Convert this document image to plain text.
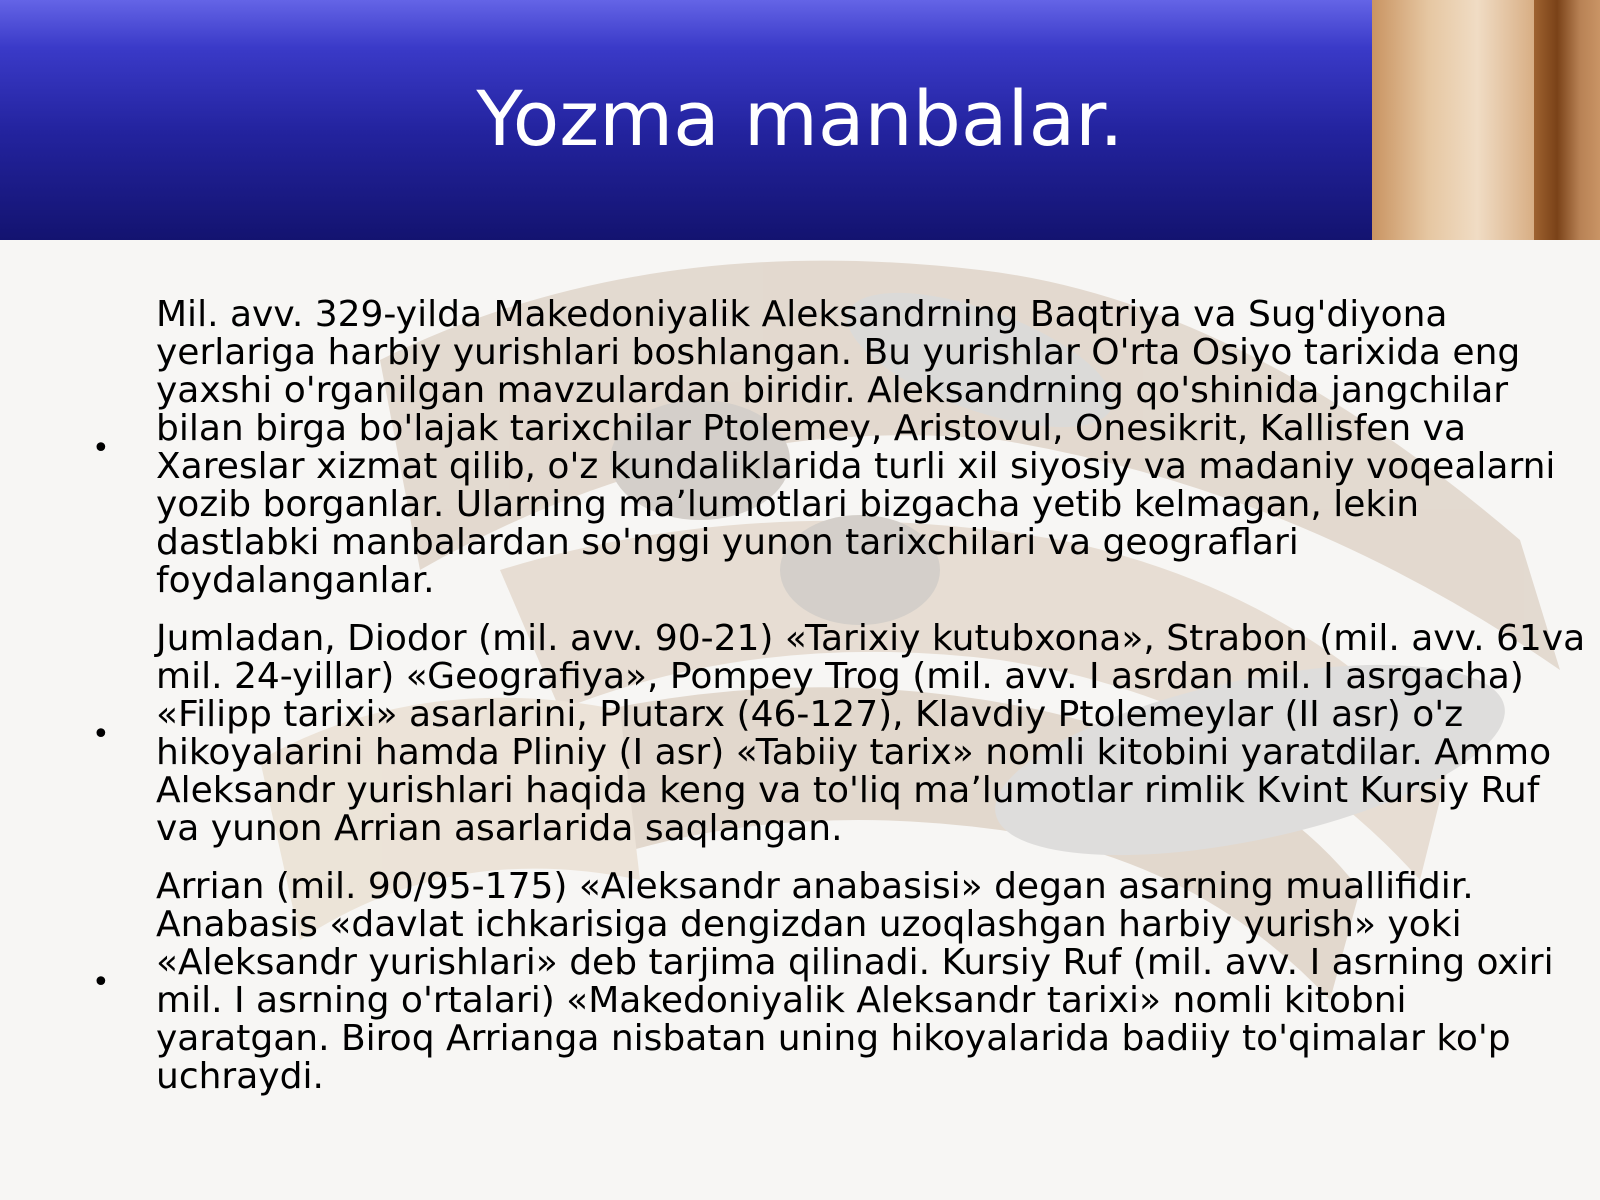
Yozma manbalar.
•
Mil. avv. 329-yilda Makedoniyalik Aleksandrning Baqtriya va Sug'diyona yerlariga harbiy yurishlari boshlangan. Bu yurishlar O'rta Osiyo tarixida eng yaxshi o'rganilgan mavzulardan biridir. Aleksandrning qo'shinida jangchilar bilan birga bo'lajak tarixchilar Ptolemey, Aristovul, Onesikrit, Kallisfen va Xareslar xizmat qilib, o'z kundaliklarida turli xil siyosiy va madaniy voqealarni yozib borganlar. Ularning ma’lumotlari bizgacha yetib kelmagan, lekin dastlabki manbalardan so'nggi yunon tarixchilari va geograflari foydalanganlar.
•
Jumladan, Diodor (mil. avv. 90-21) «Tarixiy kutubxona», Strabon (mil. avv. 61va mil. 24-yillar) «Geografiya», Pompey Trog (mil. avv. I asrdan mil. I asrgacha) «Filipp tarixi» asarlarini, Plutarx (46-127), Klavdiy Ptolemeylar (II asr) o'z hikoyalarini hamda Pliniy (I asr) «Tabiiy tarix» nomli kitobini yaratdilar. Ammo Aleksandr yurishlari haqida keng va to'liq ma’lumotlar rimlik Kvint Kursiy Ruf va yunon Arrian asarlarida saqlangan.
•
Arrian (mil. 90/95-175) «Aleksandr anabasisi» degan asarning muallifidir. Anabasis «davlat ichkarisiga dengizdan uzoqlashgan harbiy yurish» yoki «Aleksandr yurishlari» deb tarjima qilinadi. Kursiy Ruf (mil. avv. I asrning oxiri mil. I asrning o'rtalari) «Makedoniyalik Aleksandr tarixi» nomli kitobni yaratgan. Biroq Arrianga nisbatan uning hikoyalarida badiiy to'qimalar ko'p uchraydi.
